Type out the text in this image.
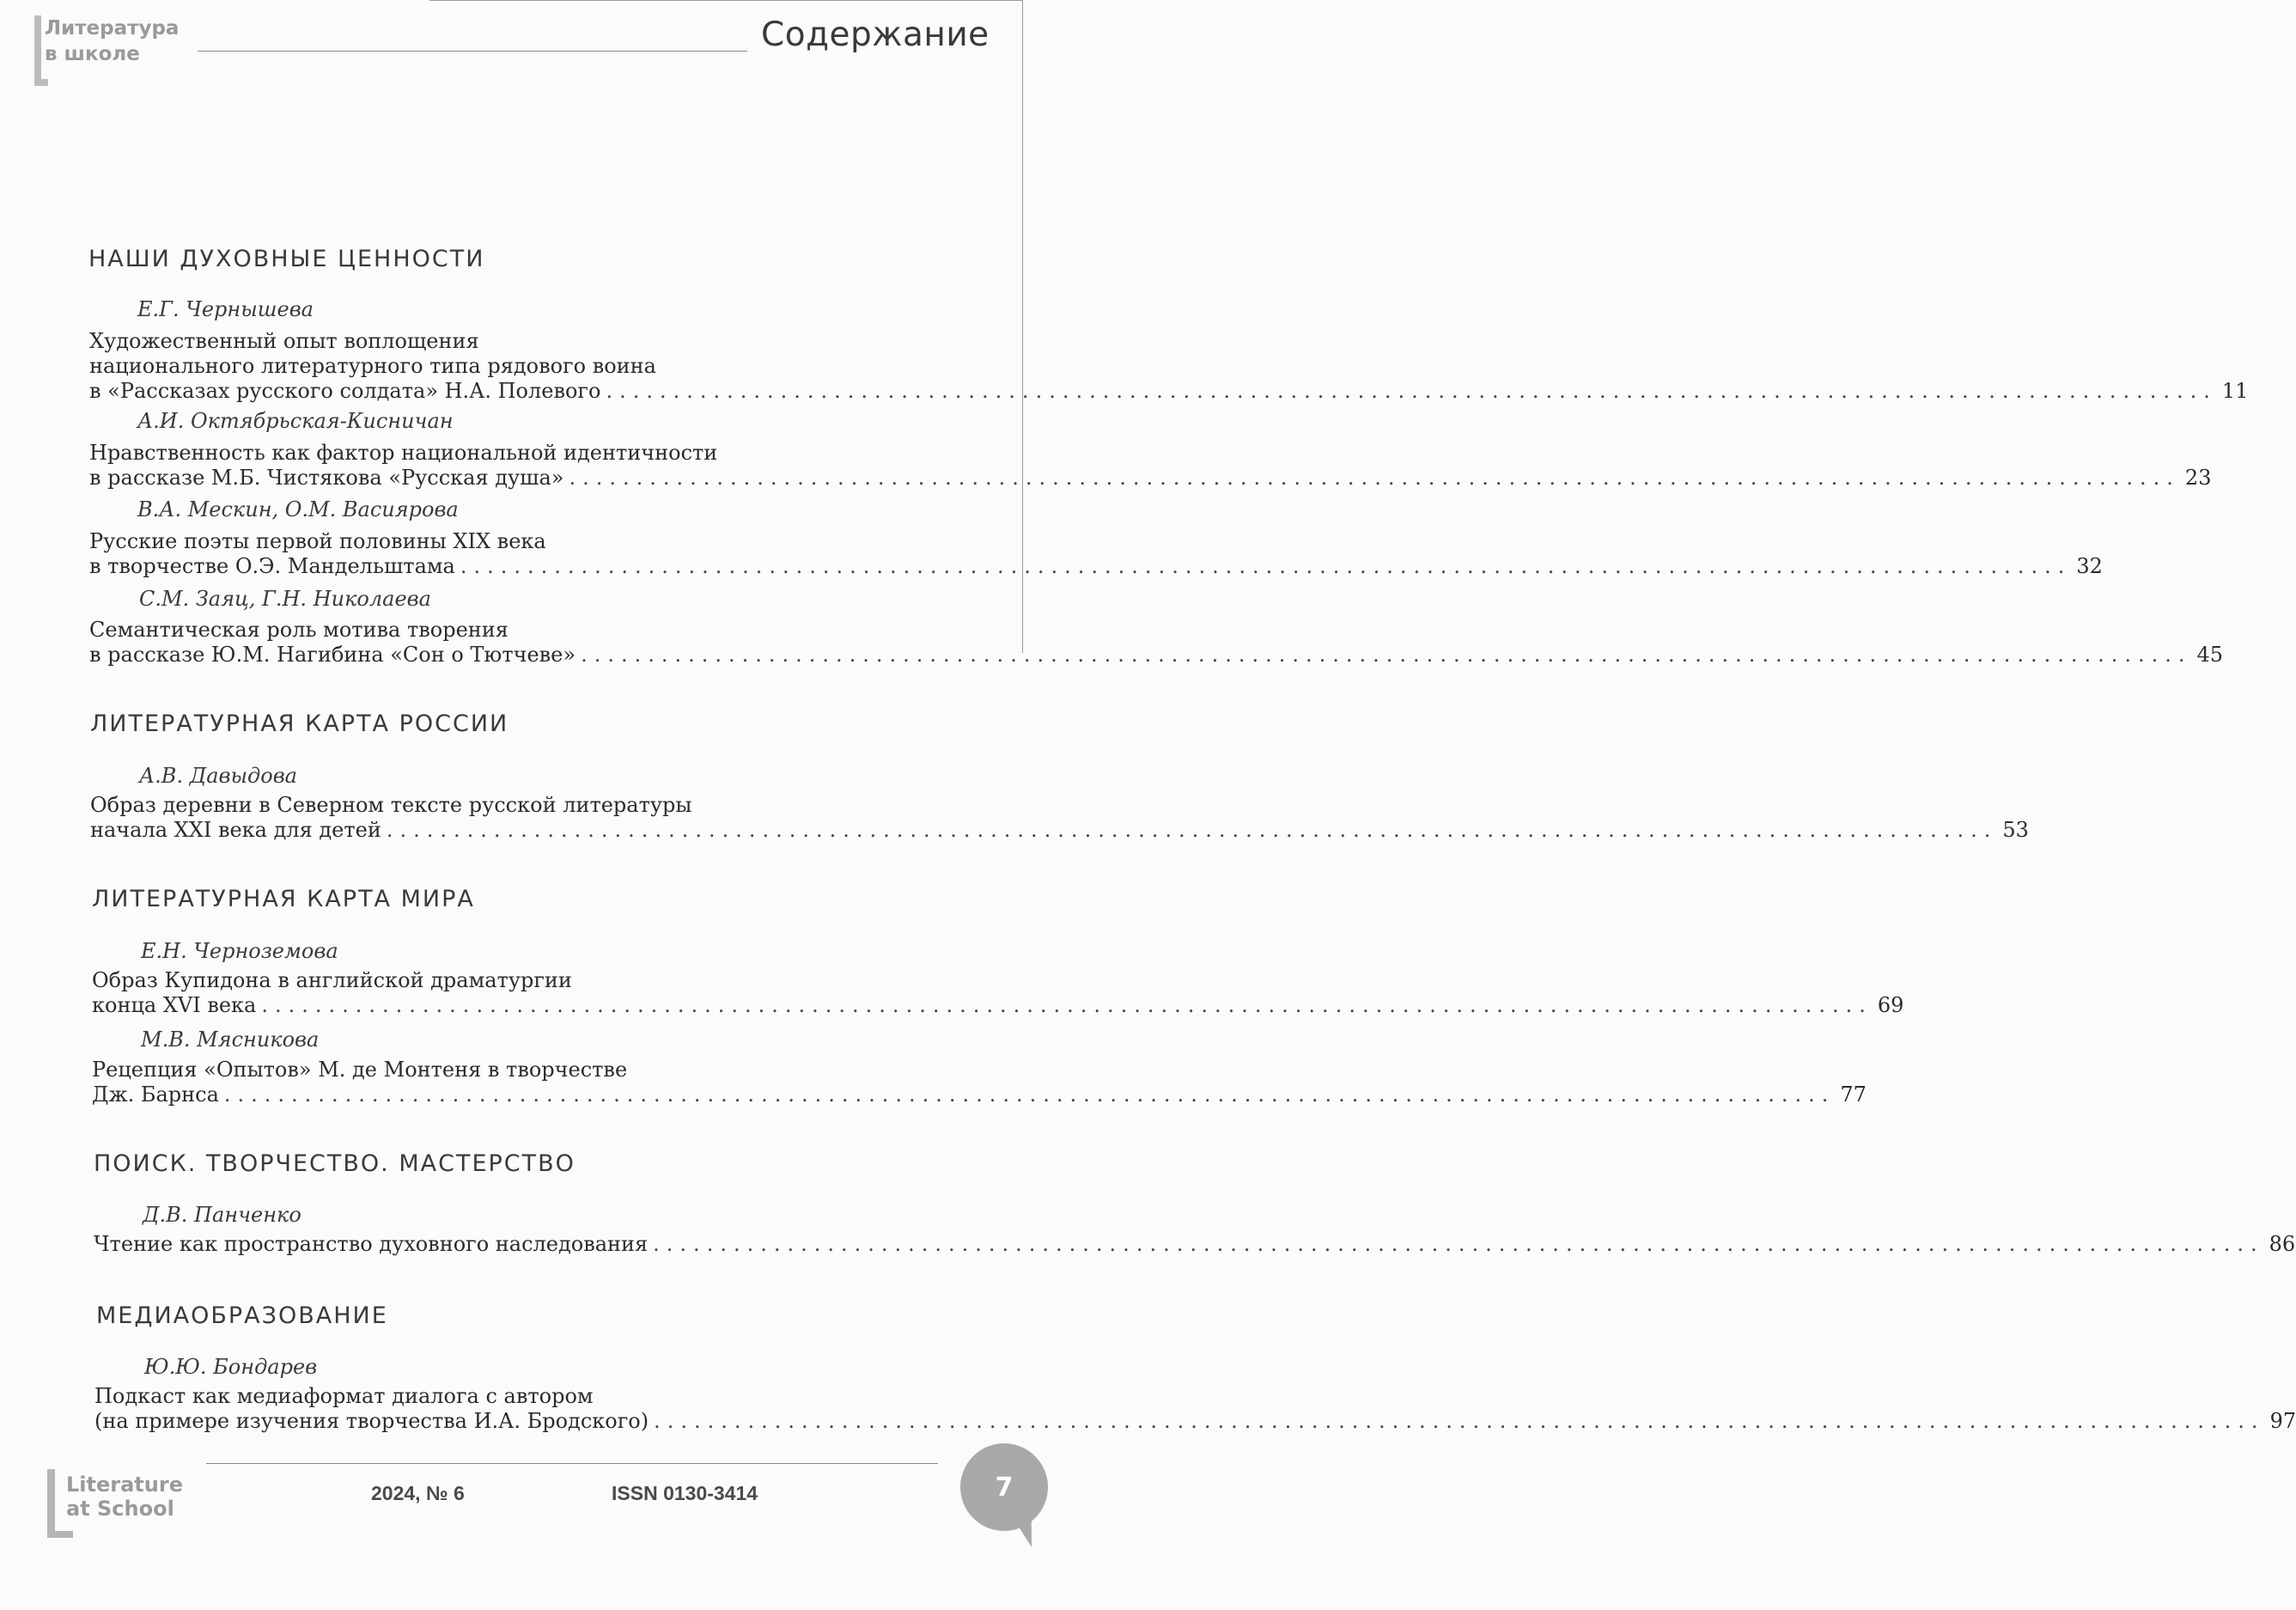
Литература
в школе	Содержание
НАШИ ДУХОВНЫЕ ЦЕННОСТИ
Е.Г. Чернышева
Художественный опыт воплощения
национального литературного типа рядового воина
в «Рассказах русского солдата» Н.А. Полевого ........................................................................................................................ 11
А.И. Октябрьская-Кисничан
Нравственность как фактор национальной идентичности
в рассказе М.Б. Чистякова «Русская душа» ........................................................................................................................ 23
В.А. Мескин, О.М. Васиярова
Русские поэты первой половины XIX века
в творчестве О.Э. Мандельштама ........................................................................................................................ 32
С.М. Заяц, Г.Н. Николаева
Семантическая роль мотива творения
в рассказе Ю.М. Нагибина «Сон о Тютчеве» ........................................................................................................................ 45
ЛИТЕРАТУРНАЯ КАРТА РОССИИ
А.В. Давыдова
Образ деревни в Северном тексте русской литературы
начала XXI века для детей ........................................................................................................................ 53
ЛИТЕРАТУРНАЯ КАРТА МИРА
Е.Н. Черноземова
Образ Купидона в английской драматургии
конца XVI века ........................................................................................................................ 69
М.В. Мясникова
Рецепция «Опытов» М. де Монтеня в творчестве
Дж. Барнса ........................................................................................................................ 77
ПОИСК. ТВОРЧЕСТВО. МАСТЕРСТВО
Д.В. Панченко
Чтение как пространство духовного наследования ........................................................................................................................ 86
МЕДИАОБРАЗОВАНИЕ
Ю.Ю. Бондарев
Подкаст как медиаформат диалога с автором
(на примере изучения творчества И.А. Бродского) ........................................................................................................................ 97
Literature
at School
2024, № 6	ISSN 0130-3414	7
